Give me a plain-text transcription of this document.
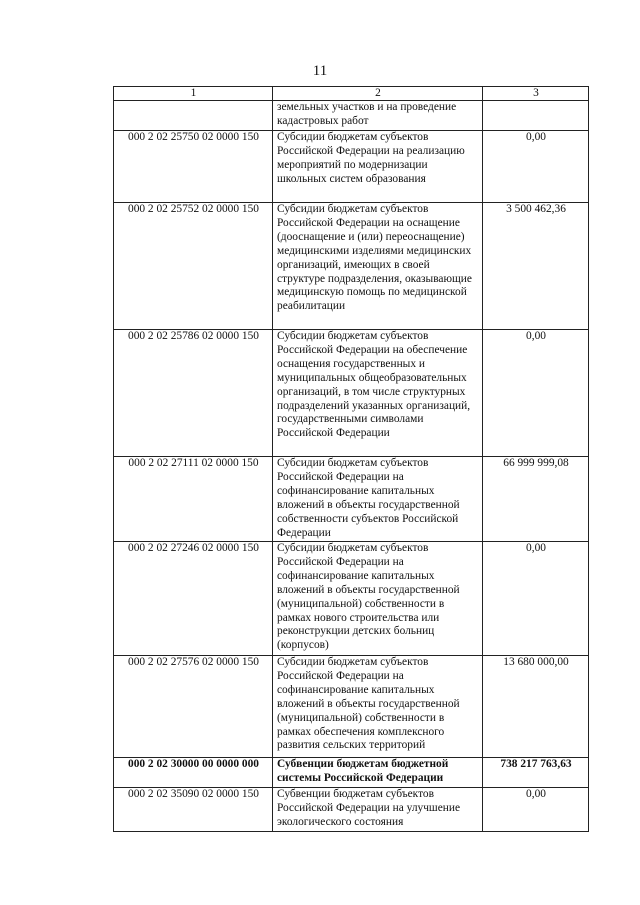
11
1	2	3
	земельных участков и на проведение кадастровых работ	
000 2 02 25750 02 0000 150	Субсидии бюджетам субъектов Российской Федерации на реализацию мероприятий по модернизации школьных систем образования	0,00
000 2 02 25752 02 0000 150	Субсидии бюджетам субъектов Российской Федерации на оснащение (дооснащение и (или) переоснащение) медицинскими изделиями медицинских организаций, имеющих в своей структуре подразделения, оказывающие медицинскую помощь по медицинской реабилитации	3 500 462,36
000 2 02 25786 02 0000 150	Субсидии бюджетам субъектов Российской Федерации на обеспечение оснащения государственных и муниципальных общеобразовательных организаций, в том числе структурных подразделений указанных организаций, государственными символами Российской Федерации	0,00
000 2 02 27111 02 0000 150	Субсидии бюджетам субъектов Российской Федерации на софинансирование капитальных вложений в объекты государственной собственности субъектов Российской Федерации	66 999 999,08
000 2 02 27246 02 0000 150	Субсидии бюджетам субъектов Российской Федерации на софинансирование капитальных вложений в объекты государственной (муниципальной) собственности в рамках нового строительства или реконструкции детских больниц (корпусов)	0,00
000 2 02 27576 02 0000 150	Субсидии бюджетам субъектов Российской Федерации на софинансирование капитальных вложений в объекты государственной (муниципальной) собственности в рамках обеспечения комплексного развития сельских территорий	13 680 000,00
000 2 02 30000 00 0000 000	Субвенции бюджетам бюджетной системы Российской Федерации	738 217 763,63
000 2 02 35090 02 0000 150	Субвенции бюджетам субъектов Российской Федерации на улучшение экологического состояния	0,00
